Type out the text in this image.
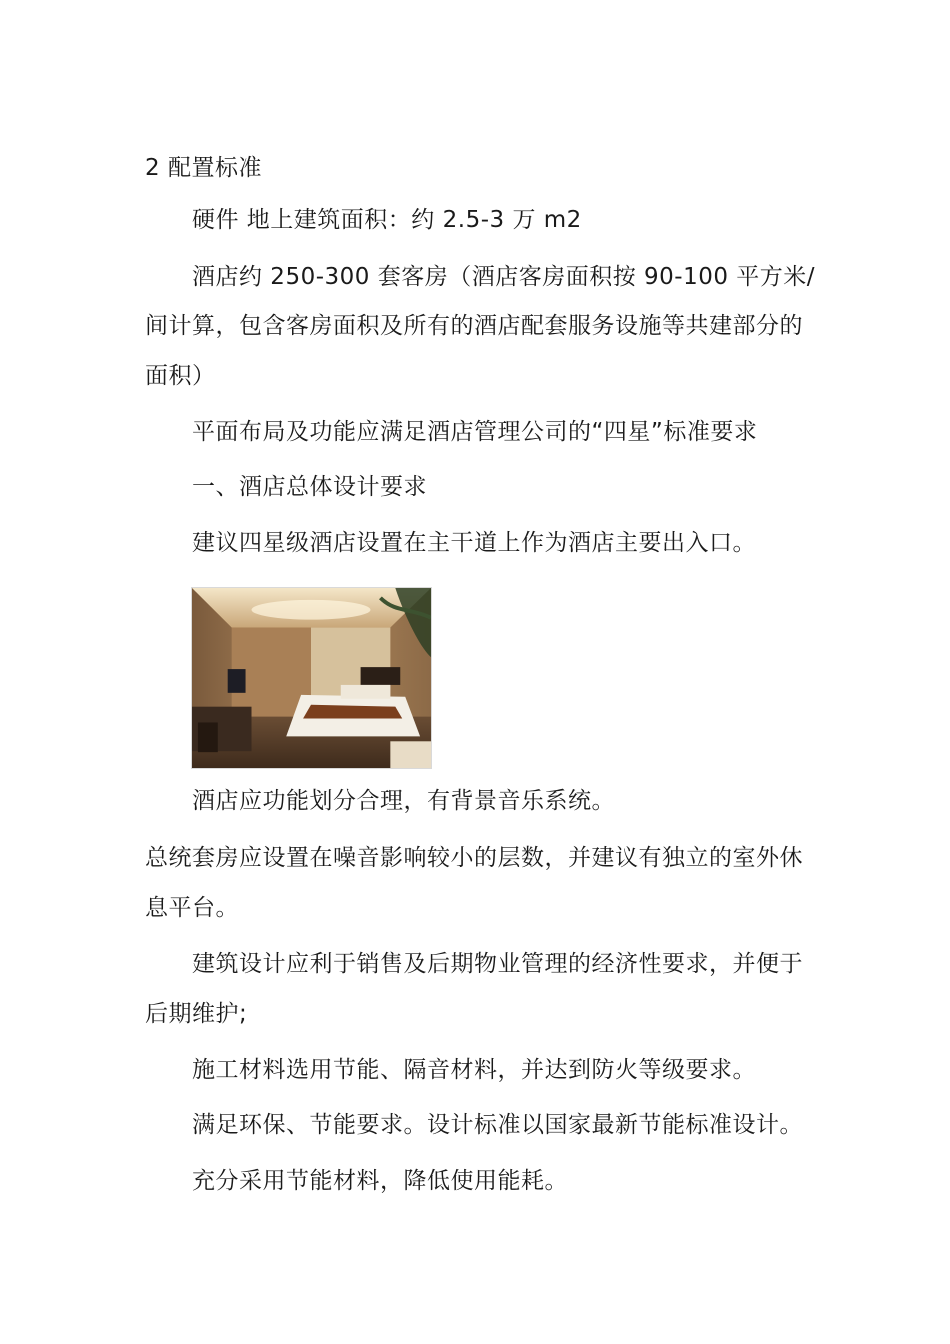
2 配置标准

硬件 地上建筑面积：约 2.5-3 万 m2

酒店约 250-300 套客房（酒店客房面积按 90-100 平方米/

间计算，包含客房面积及所有的酒店配套服务设施等共建部分的

面积）

平面布局及功能应满足酒店管理公司的“四星”标准要求

一、酒店总体设计要求

建议四星级酒店设置在主干道上作为酒店主要出入口。

酒店应功能划分合理，有背景音乐系统。

总统套房应设置在噪音影响较小的层数，并建议有独立的室外休

息平台。

建筑设计应利于销售及后期物业管理的经济性要求，并便于

后期维护;

施工材料选用节能、隔音材料，并达到防火等级要求。

满足环保、节能要求。设计标准以国家最新节能标准设计。

充分采用节能材料，降低使用能耗。
